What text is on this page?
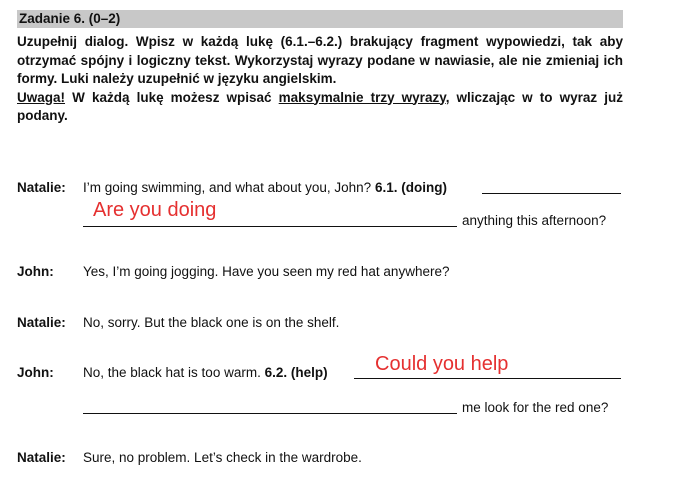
Zadanie 6. (0–2)

Uzupełnij dialog. Wpisz w każdą lukę (6.1.–6.2.) brakujący fragment wypowiedzi, tak aby otrzymać spójny i logiczny tekst. Wykorzystaj wyrazy podane w nawiasie, ale nie zmieniaj ich formy. Luki należy uzupełnić w języku angielskim.

Uwaga! W każdą lukę możesz wpisać maksymalnie trzy wyrazy, wliczając w to wyraz już podany.

Natalie: I’m going swimming, and what about you, John? 6.1. (doing)
Are you doing	anything this afternoon?
John: Yes, I’m going jogging. Have you seen my red hat anywhere?
Natalie: No, sorry. But the black one is on the shelf.
John: No, the black hat is too warm. 6.2. (help) Could you help
me look for the red one?
Natalie: Sure, no problem. Let’s check in the wardrobe.
